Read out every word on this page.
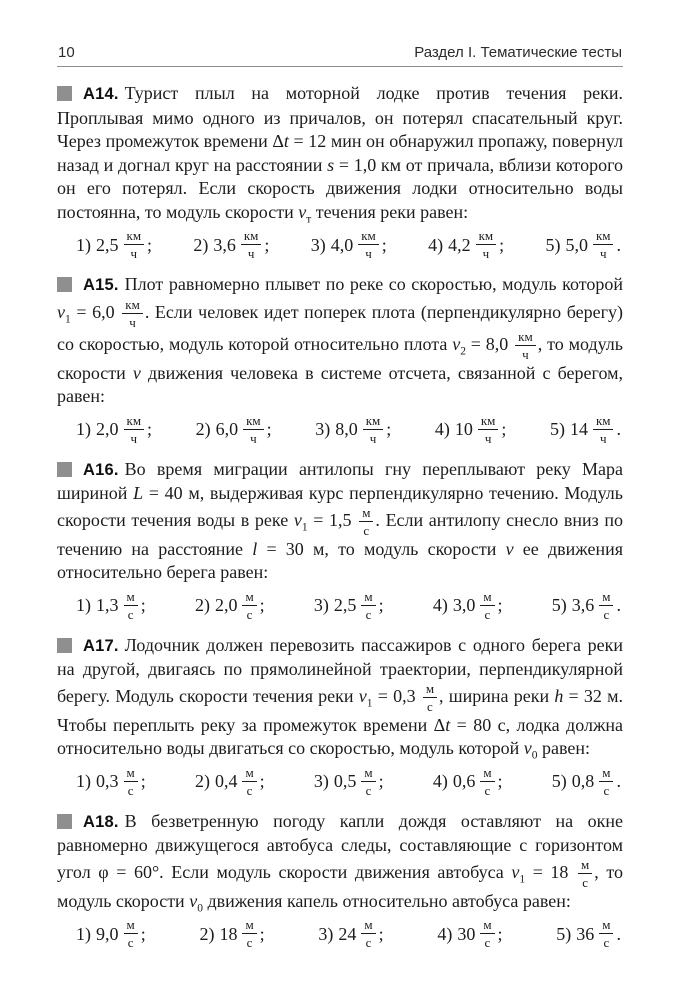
10	Раздел I. Тематические тесты

А14. Турист плыл на моторной лодке против течения реки. Проплывая мимо одного из причалов, он потерял спасательный круг. Через промежуток времени Δt = 12 мин он обнаружил пропажу, повернул назад и догнал круг на расстоянии s = 1,0 км от причала, вблизи которого он его потерял. Если скорость движения лодки относительно воды постоянна, то модуль скорости $v_т$ течения реки равен:

1) $2,5 \frac{км}{ч}$ ; 2) $3,6 \frac{км}{ч}$ ; 3) $4,0 \frac{км}{ч}$ ; 4) $4,2 \frac{км}{ч}$ ; 5) $5,0 \frac{км}{ч}$ .

А15. Плот равномерно плывет по реке со скоростью, модуль которой $v_1 = 6,0 \frac{км}{ч}$ . Если человек идет поперек плота (перпендикулярно берегу) со скоростью, модуль которой относительно плота $v_2 = 8,0 \frac{км}{ч}$ , то модуль скорости v движения человека в системе отсчета, связанной с берегом, равен:

1) $2,0 \frac{км}{ч}$ ; 2) $6,0 \frac{км}{ч}$ ; 3) $8,0 \frac{км}{ч}$ ; 4) $10 \frac{км}{ч}$ ; 5) $14 \frac{км}{ч}$ .

А16. Во время миграции антилопы гну переплывают реку Мара шириной L = 40 м, выдерживая курс перпендикулярно течению. Модуль скорости течения воды в реке $v_1 = 1,5 \frac{м}{с}$ . Если антилопу снесло вниз по течению на расстояние l = 30 м, то модуль скорости v ее движения относительно берега равен:

1) $1,3 \frac{м}{с}$ ;	2) $2,0 \frac{м}{с}$ ;	3) $2,5 \frac{м}{с}$ ;	4) $3,0 \frac{м}{с}$ ;	5) $3,6 \frac{м}{с}$ .

А17. Лодочник должен перевозить пассажиров с одного берега реки на другой, двигаясь по прямолинейной траектории, перпендикулярной берегу. Модуль скорости течения реки $v_1 = 0,3 \frac{м}{с}$ , ширина реки h = 32 м. Чтобы переплыть реку за промежуток времени Δt = 80 с, лодка должна относительно воды двигаться со скоростью, модуль которой $v_0$ равен:

1) $0,3 \frac{м}{с}$ ;	2) $0,4 \frac{м}{с}$ ;	3) $0,5 \frac{м}{с}$ ;	4) $0,6 \frac{м}{с}$ ;	5) $0,8 \frac{м}{с}$ .

А18. В безветренную погоду капли дождя оставляют на окне равномерно движущегося автобуса следы, составляющие с горизонтом угол φ = 60°. Если модуль скорости движения автобуса $v_1 = 18 \frac{м}{с}$ , то модуль скорости $v_0$ движения капель относительно автобуса равен:

1) $9,0 \frac{м}{с}$ ;	2) $18 \frac{м}{с}$ ;	3) $24 \frac{м}{с}$ ;	4) $30 \frac{м}{с}$ ;	5) $36 \frac{м}{с}$ .
